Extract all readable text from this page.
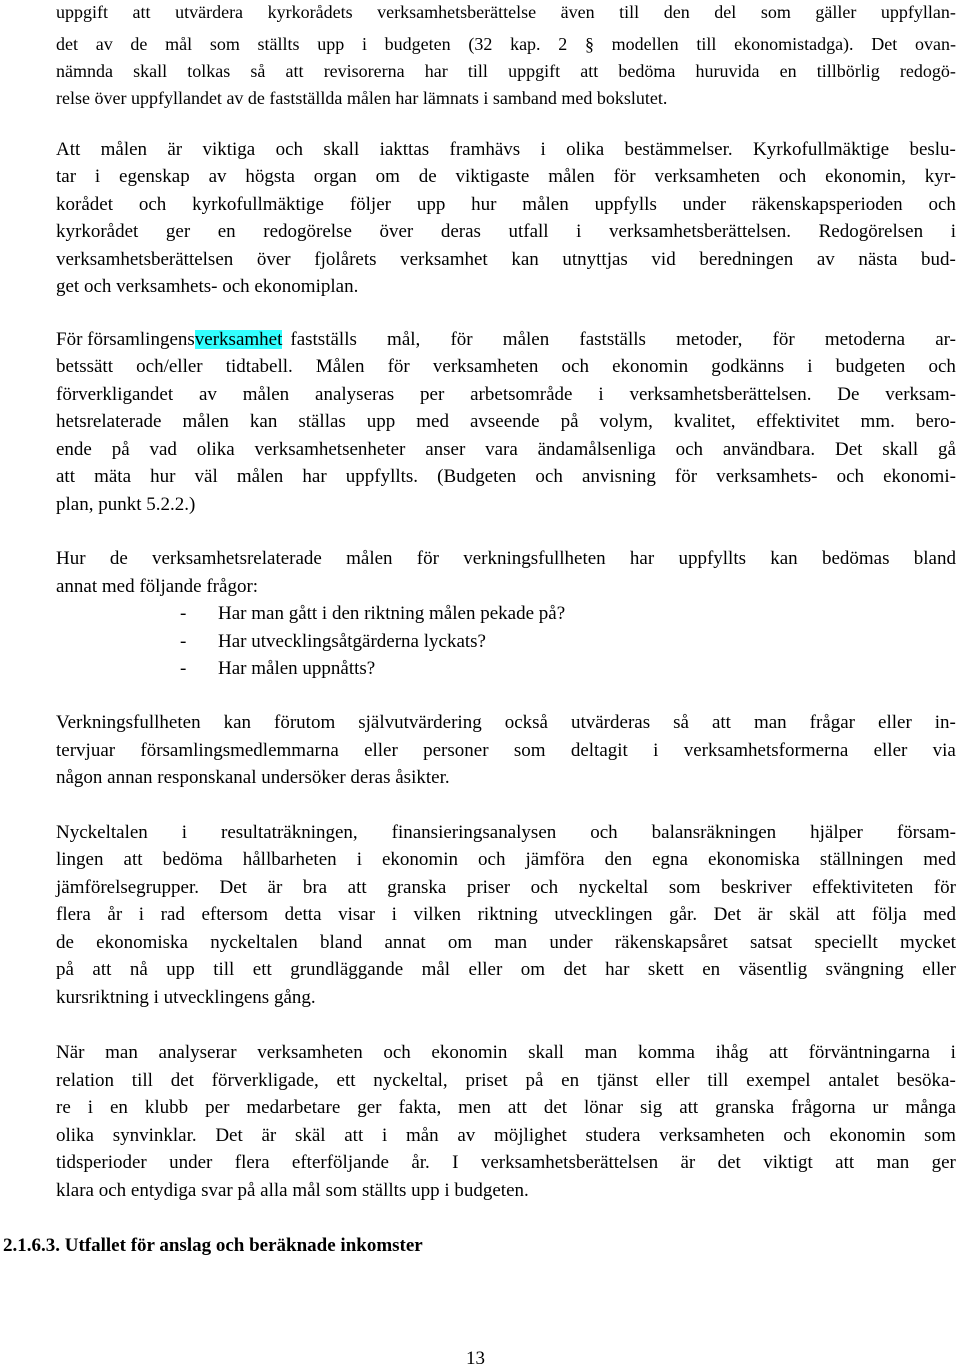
uppgift att utvärdera kyrkorådets verksamhetsberättelse även till den del som gäller uppfyllan-
det av de mål som ställts upp i budgeten (32 kap. 2 § modellen till ekonomistadga). Det ovan-
nämnda skall tolkas så att revisorerna har till uppgift att bedöma huruvida en tillbörlig redogö-
relse över uppfyllandet av de fastställda målen har lämnats i samband med bokslutet.
Att målen är viktiga och skall iakttas framhävs i olika bestämmelser. Kyrkofullmäktige beslu-
tar i egenskap av högsta organ om de viktigaste målen för verksamheten och ekonomin, kyr-
korådet och kyrkofullmäktige följer upp hur målen uppfylls under räkenskapsperioden och
kyrkorådet ger en redogörelse över deras utfall i verksamhetsberättelsen. Redogörelsen i
verksamhetsberättelsen över fjolårets verksamhet kan utnyttjas vid beredningen av nästa bud-
get och verksamhets- och ekonomiplan.
För församlingens verksamhet fastställs mål, för målen fastställs metoder, för metoderna ar-
betssätt och/eller tidtabell. Målen för verksamheten och ekonomin godkänns i budgeten och
förverkligandet av målen analyseras per arbetsområde i verksamhetsberättelsen. De verksam-
hetsrelaterade målen kan ställas upp med avseende på volym, kvalitet, effektivitet mm. bero-
ende på vad olika verksamhetsenheter anser vara ändamålsenliga och användbara. Det skall gå
att mäta hur väl målen har uppfyllts. (Budgeten och anvisning för verksamhets- och ekonomi-
plan, punkt 5.2.2.)
Hur de verksamhetsrelaterade målen för verkningsfullheten har uppfyllts kan bedömas bland
annat med följande frågor:
- Har man gått i den riktning målen pekade på?
- Har utvecklingsåtgärderna lyckats?
- Har målen uppnåtts?
Verkningsfullheten kan förutom självutvärdering också utvärderas så att man frågar eller in-
tervjuar församlingsmedlemmarna eller personer som deltagit i verksamhetsformerna eller via
någon annan responskanal undersöker deras åsikter.
Nyckeltalen i resultaträkningen, finansieringsanalysen och balansräkningen hjälper försam-
lingen att bedöma hållbarheten i ekonomin och jämföra den egna ekonomiska ställningen med
jämförelsegrupper. Det är bra att granska priser och nyckeltal som beskriver effektiviteten för
flera år i rad eftersom detta visar i vilken riktning utvecklingen går. Det är skäl att följa med
de ekonomiska nyckeltalen bland annat om man under räkenskapsåret satsat speciellt mycket
på att nå upp till ett grundläggande mål eller om det har skett en väsentlig svängning eller
kursriktning i utvecklingens gång.
När man analyserar verksamheten och ekonomin skall man komma ihåg att förväntningarna i
relation till det förverkligade, ett nyckeltal, priset på en tjänst eller till exempel antalet besöka-
re i en klubb per medarbetare ger fakta, men att det lönar sig att granska frågorna ur många
olika synvinklar. Det är skäl att i mån av möjlighet studera verksamheten och ekonomin som
tidsperioder under flera efterföljande år. I verksamhetsberättelsen är det viktigt att man ger
klara och entydiga svar på alla mål som ställts upp i budgeten.
2.1.6.3. Utfallet för anslag och beräknade inkomster
13
